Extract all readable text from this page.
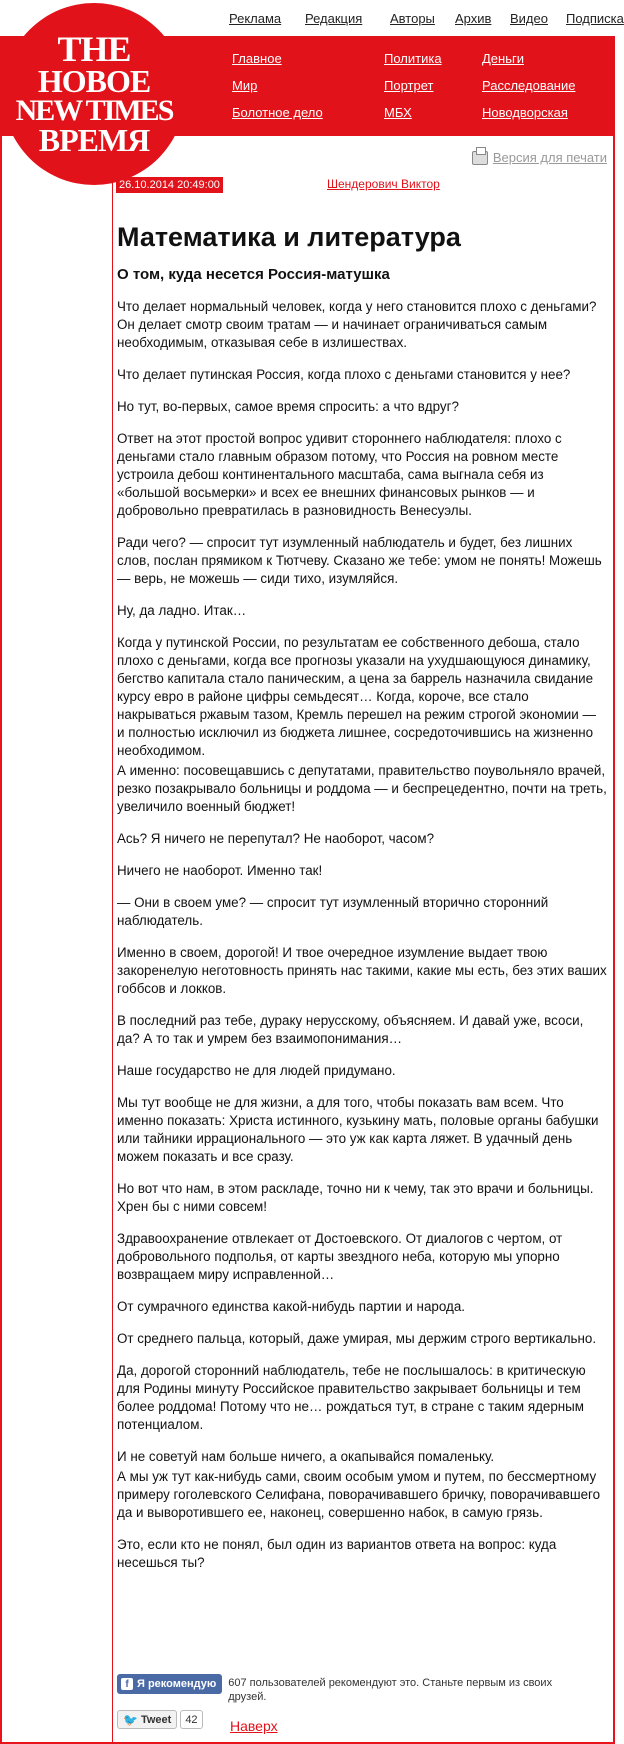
Реклама Редакция Авторы Архив Видео Подписка
Главное
Мир
Болотное дело
Политика
Портрет
МБХ
Деньги
Расследование
Новодворская
THE
НОВОЕ
NEW TIMES
ВРЕМЯ	Версия для печати
26.10.2014 20:49:00	Шендерович Виктор
Математика и литература
О том, куда несется Россия-матушка

Что делает нормальный человек, когда у него становится плохо с деньгами? Он делает смотр своим тратам — и начинает ограничиваться самым необходимым, отказывая себе в излишествах.

Что делает путинская Россия, когда плохо с деньгами становится у нее?

Но тут, во-первых, самое время спросить: а что вдруг?

Ответ на этот простой вопрос удивит стороннего наблюдателя: плохо с деньгами стало главным образом потому, что Россия на ровном месте устроила дебош континентального масштаба, сама выгнала себя из «большой восьмерки» и всех ее внешних финансовых рынков — и добровольно превратилась в разновидность Венесуэлы.

Ради чего? — спросит тут изумленный наблюдатель и будет, без лишних слов, послан прямиком к Тютчеву. Сказано же тебе: умом не понять! Можешь — верь, не можешь — сиди тихо, изумляйся.

Ну, да ладно. Итак…

Когда у путинской России, по результатам ее собственного дебоша, стало плохо с деньгами, когда все прогнозы указали на ухудшающуюся динамику, бегство капитала стало паническим, а цена за баррель назначила свидание курсу евро в районе цифры семьдесят… Когда, короче, все стало накрываться ржавым тазом, Кремль перешел на режим строгой экономии — и полностью исключил из бюджета лишнее, сосредоточившись на жизненно необходимом.

А именно: посовещавшись с депутатами, правительство поувольняло врачей, резко позакрывало больницы и роддома — и беспрецедентно, почти на треть, увеличило военный бюджет!

Ась? Я ничего не перепутал? Не наоборот, часом?

Ничего не наоборот. Именно так!

— Они в своем уме? — спросит тут изумленный вторично сторонний наблюдатель.

Именно в своем, дорогой! И твое очередное изумление выдает твою закоренелую неготовность принять нас такими, какие мы есть, без этих ваших гоббсов и локков.

В последний раз тебе, дураку нерусскому, объясняем. И давай уже, всоси, да? А то так и умрем без взаимопонимания…

Наше государство не для людей придумано.

Мы тут вообще не для жизни, а для того, чтобы показать вам всем. Что именно показать: Христа истинного, кузькину мать, половые органы бабушки или тайники иррационального — это уж как карта ляжет. В удачный день можем показать и все сразу.

Но вот что нам, в этом раскладе, точно ни к чему, так это врачи и больницы. Хрен бы с ними совсем!

Здравоохранение отвлекает от Достоевского. От диалогов с чертом, от добровольного подполья, от карты звездного неба, которую мы упорно возвращаем миру исправленной…

От сумрачного единства какой-нибудь партии и народа.

От среднего пальца, который, даже умирая, мы держим строго вертикально.

Да, дорогой сторонний наблюдатель, тебе не послышалось: в критическую для Родины минуту Российское правительство закрывает больницы и тем более роддома! Потому что не… рождаться тут, в стране с таким ядерным потенциалом.

И не советуй нам больше ничего, а окапывайся помаленьку.

А мы уж тут как-нибудь сами, своим особым умом и путем, по бессмертному примеру гоголевского Селифана, поворачивавшего бричку, поворачивавшего да и выворотившего ее, наконец, совершенно набок, в самую грязь.

Это, если кто не понял, был один из вариантов ответа на вопрос: куда несешься ты?

f Я рекомендую 607 пользователей рекомендуют это. Станьте первым из своих друзей.
🐦 Tweet	42	Наверх
